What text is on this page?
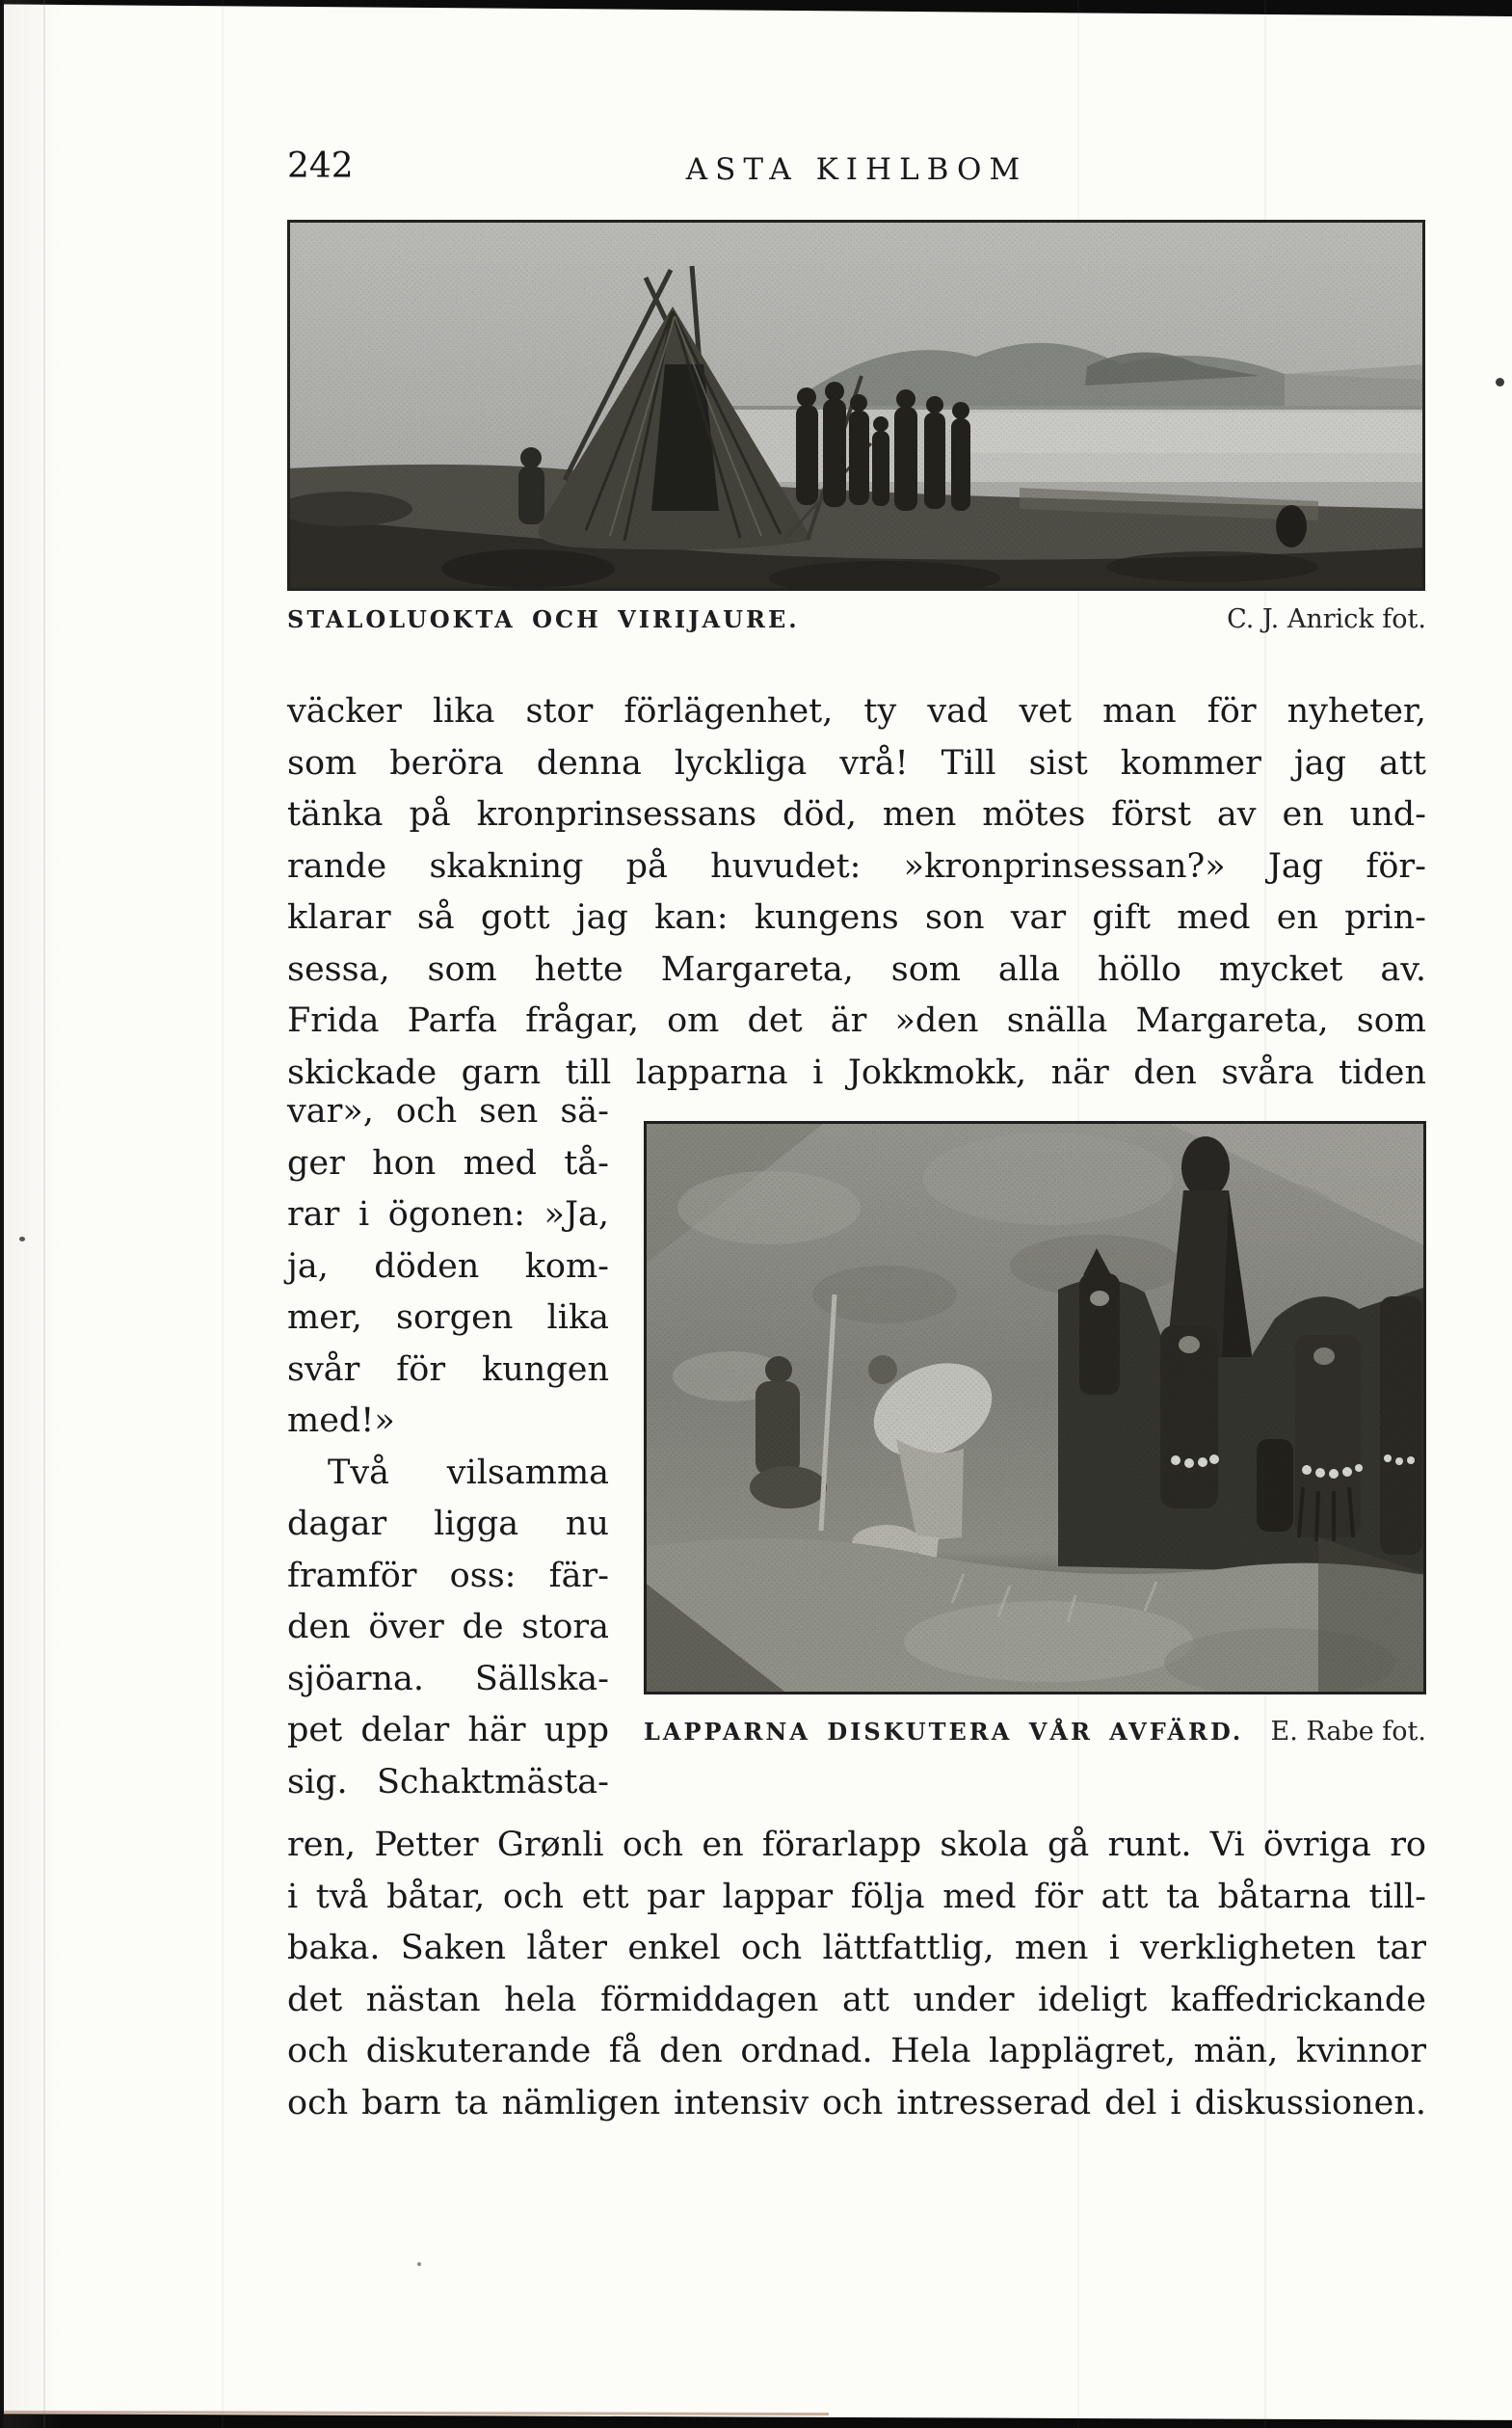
242	ASTA KIHLBOM
STALOLUOKTA OCH VIRIJAURE.	C. J. Anrick fot.
väcker lika stor förlägenhet, ty vad vet man för nyheter,
som beröra denna lyckliga vrå! Till sist kommer jag att
tänka på kronprinsessans död, men mötes först av en und-
rande skakning på huvudet: »kronprinsessan?» Jag för-
klarar så gott jag kan: kungens son var gift med en prin-
sessa, som hette Margareta, som alla höllo mycket av.
Frida Parfa frågar, om det är »den snälla Margareta, som
skickade garn till lapparna i Jokkmokk, när den svåra tiden
var», och sen sä-
ger hon med tå-
rar i ögonen: »Ja,
ja, döden kom-
mer, sorgen lika
svår för kungen
med!»
Två vilsamma
dagar ligga nu
framför oss: fär-
den över de stora
sjöarna. Sällska-
pet delar här upp
sig. Schaktmästa-
LAPPARNA DISKUTERA VÅR AVFÄRD. E. Rabe fot.
ren, Petter Grønli och en förarlapp skola gå runt. Vi övriga ro
i två båtar, och ett par lappar följa med för att ta båtarna till-
baka. Saken låter enkel och lättfattlig, men i verkligheten tar
det nästan hela förmiddagen att under ideligt kaffedrickande
och diskuterande få den ordnad. Hela lapplägret, män, kvinnor
och barn ta nämligen intensiv och intresserad del i diskussionen.
